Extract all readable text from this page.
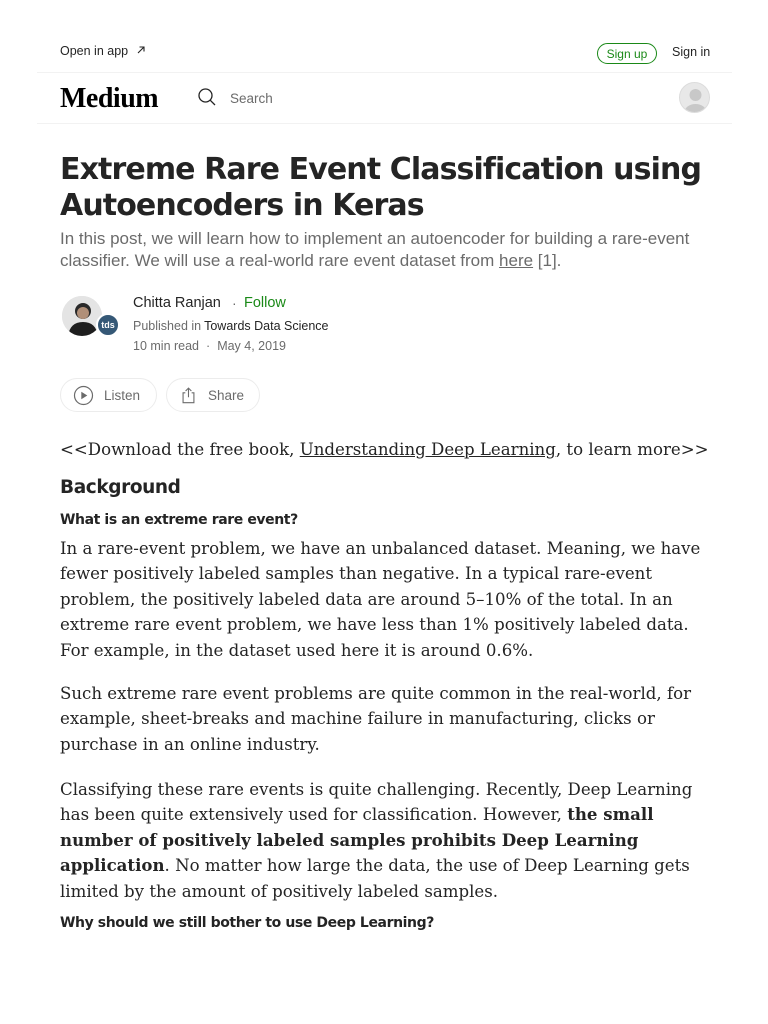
Open in app	Sign up	Sign in
Medium
Search
Extreme Rare Event Classification using Autoencoders in Keras

In this post, we will learn how to implement an autoencoder for building a rare-event classifier. We will use a real-world rare event dataset from here [1].

tds
Chitta Ranjan · Follow
Published in Towards Data Science
10 min read · May 4, 2019
Listen	Share

<<Download the free book, Understanding Deep Learning, to learn more>>

Background
What is an extreme rare event?

In a rare-event problem, we have an unbalanced dataset. Meaning, we have fewer positively labeled samples than negative. In a typical rare-event problem, the positively labeled data are around 5–10% of the total. In an extreme rare event problem, we have less than 1% positively labeled data. For example, in the dataset used here it is around 0.6%.

Such extreme rare event problems are quite common in the real-world, for example, sheet-breaks and machine failure in manufacturing, clicks or purchase in an online industry.

Classifying these rare events is quite challenging. Recently, Deep Learning has been quite extensively used for classification. However, the small number of positively labeled samples prohibits Deep Learning application. No matter how large the data, the use of Deep Learning gets limited by the amount of positively labeled samples.

Why should we still bother to use Deep Learning?
